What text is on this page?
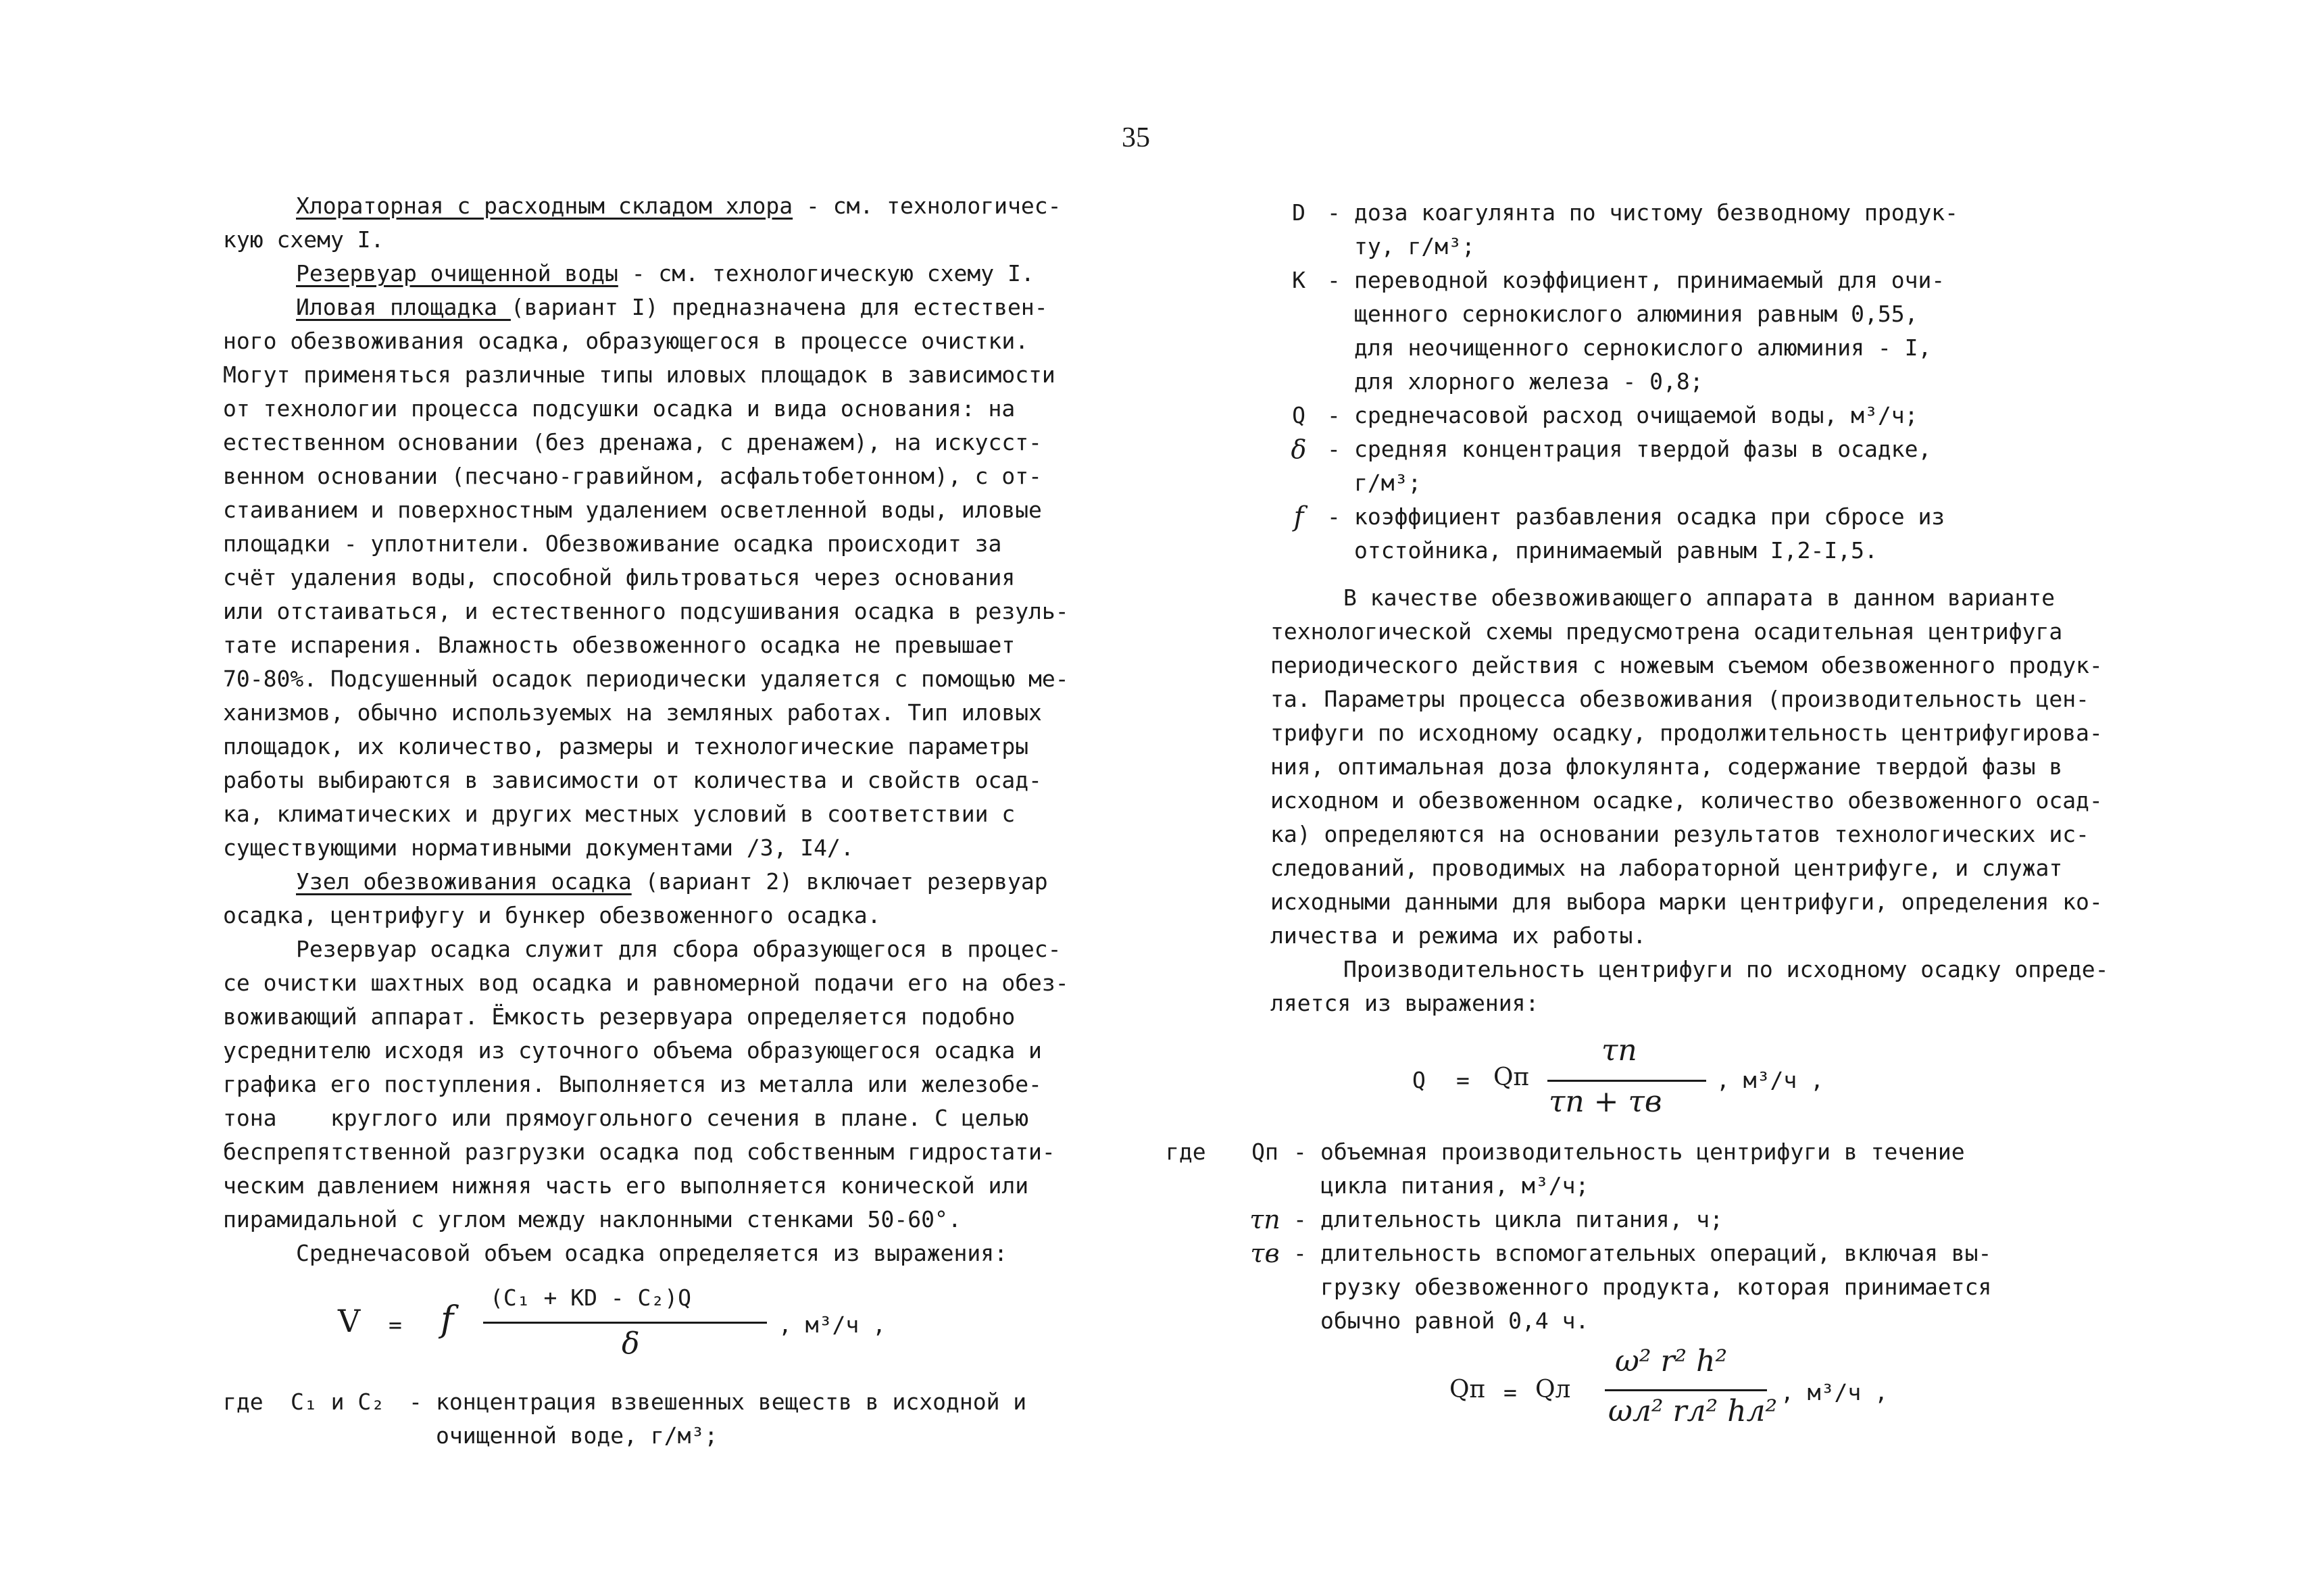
35
Хлораторная с расходным складом хлора - см. технологичес-
кую схему I.
Резервуар очищенной воды - см. технологическую схему I.
Иловая площадка (вариант I) предназначена для естествен-
ного обезвоживания осадка, образующегося в процессе очистки.
Могут применяться различные типы иловых площадок в зависимости
от технологии процесса подсушки осадка и вида основания: на
естественном основании (без дренажа, с дренажем), на искусст-
венном основании (песчано-гравийном, асфальтобетонном), с от-
стаиванием и поверхностным удалением осветленной воды, иловые
площадки - уплотнители. Обезвоживание осадка происходит за
счёт удаления воды, способной фильтроваться через основания
или отстаиваться, и естественного подсушивания осадка в резуль-
тате испарения. Влажность обезвоженного осадка не превышает
70-80%. Подсушенный осадок периодически удаляется с помощью ме-
ханизмов, обычно используемых на земляных работах. Тип иловых
площадок, их количество, размеры и технологические параметры
работы выбираются в зависимости от количества и свойств осад-
ка, климатических и других местных условий в соответствии с
существующими нормативными документами /3, I4/.
Узел обезвоживания осадка (вариант 2) включает резервуар
осадка, центрифугу и бункер обезвоженного осадка.
Резервуар осадка служит для сбора образующегося в процес-
се очистки шахтных вод осадка и равномерной подачи его на обез-
воживающий аппарат. Ёмкость резервуара определяется подобно
усреднителю исходя из суточного объема образующегося осадка и
графика его поступления. Выполняется из металла или железобе-
тона    круглого или прямоугольного сечения в плане. С целью
беспрепятственной разгрузки осадка под собственным гидростати-
ческим давлением нижняя часть его выполняется конической или
пирамидальной с углом между наклонными стенками 50-60°.
Среднечасовой объем осадка определяется из выражения:
V = f
(C₁ + KD - C₂)Q
δ
, м³/ч ,
где	C₁ и C₂	- концентрация взвешенных веществ в исходной и
очищенной воде, г/м³;
D - доза коагулянта по чистому безводному продук-
ту, г/м³;
K - переводной коэффициент, принимаемый для очи-
щенного сернокислого алюминия равным 0,55,
для неочищенного сернокислого алюминия - I,
для хлорного железа - 0,8;
Q - среднечасовой расход очищаемой воды, м³/ч;
δ - средняя концентрация твердой фазы в осадке,
г/м³;
f	- коэффициент разбавления осадка при сбросе из
отстойника, принимаемый равным I,2-I,5.
В качестве обезвоживающего аппарата в данном варианте
технологической схемы предусмотрена осадительная центрифуга
периодического действия с ножевым съемом обезвоженного продук-
та. Параметры процесса обезвоживания (производительность цен-
трифуги по исходному осадку, продолжительность центрифугирова-
ния, оптимальная доза флокулянта, содержание твердой фазы в
исходном и обезвоженном осадке, количество обезвоженного осад-
ка) определяются на основании результатов технологических ис-
следований, проводимых на лабораторной центрифуге, и служат
исходными данными для выбора марки центрифуги, определения ко-
личества и режима их работы.
Производительность центрифуги по исходному осадку опреде-
ляется из выражения:
Q = Qп
τп
τп + τв
, м³/ч ,
где	Qп - объемная производительность центрифуги в течение
цикла питания, м³/ч;
τп - длительность цикла питания, ч;
τв - длительность вспомогательных операций, включая вы-
грузку обезвоженного продукта, которая принимается
обычно равной 0,4 ч.
Qп = Qл
ω² r² h²
ωл² rл² hл²
, м³/ч ,
